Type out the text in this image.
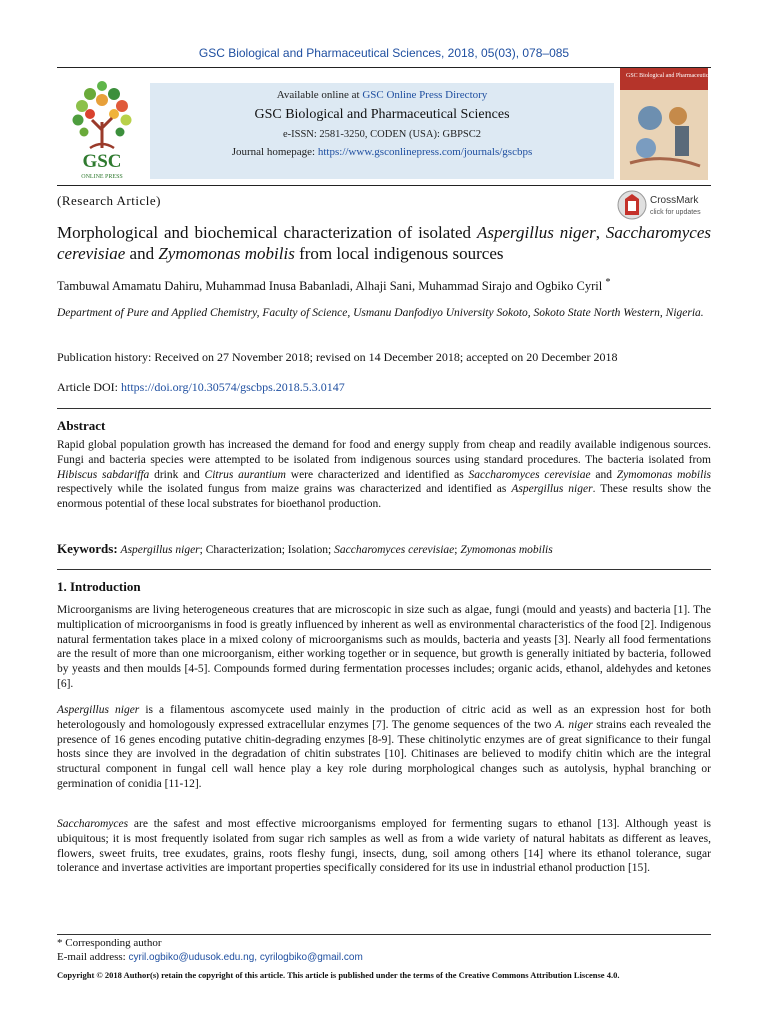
GSC Biological and Pharmaceutical Sciences, 2018, 05(03), 078–085
GSC
ONLINE PRESS
Available online at GSC Online Press Directory
GSC Biological and Pharmaceutical Sciences
e-ISSN: 2581-3250, CODEN (USA): GBPSC2
Journal homepage: https://www.gsconlinepress.com/journals/gscbps
GSC Biological and Pharmaceutical Sciences
(Research Article)	CrossMark
click for updates
Morphological and biochemical characterization of isolated Aspergillus niger, Saccharomyces cerevisiae and Zymomonas mobilis from local indigenous sources
Tambuwal Amamatu Dahiru, Muhammad Inusa Babanladi, Alhaji Sani, Muhammad Sirajo and Ogbiko Cyril *
Department of Pure and Applied Chemistry, Faculty of Science, Usmanu Danfodiyo University Sokoto, Sokoto State North Western, Nigeria.
Publication history: Received on 27 November 2018; revised on 14 December 2018; accepted on 20 December 2018
Article DOI: https://doi.org/10.30574/gscbps.2018.5.3.0147
Abstract
Rapid global population growth has increased the demand for food and energy supply from cheap and readily available indigenous sources. Fungi and bacteria species were attempted to be isolated from indigenous sources using standard procedures. The bacteria isolated from Hibiscus sabdariffa drink and Citrus aurantium were characterized and identified as Saccharomyces cerevisiae and Zymomonas mobilis respectively while the isolated fungus from maize grains was characterized and identified as Aspergillus niger. These results show the enormous potential of these local substrates for bioethanol production.
Keywords: Aspergillus niger; Characterization; Isolation; Saccharomyces cerevisiae; Zymomonas mobilis
1. Introduction
Microorganisms are living heterogeneous creatures that are microscopic in size such as algae, fungi (mould and yeasts) and bacteria [1]. The multiplication of microorganisms in food is greatly influenced by inherent as well as environmental characteristics of the food [2]. Indigenous natural fermentation takes place in a mixed colony of microorganisms such as moulds, bacteria and yeasts [3]. Nearly all food fermentations are the result of more than one microorganism, either working together or in sequence, but growth is generally initiated by bacteria, followed by yeasts and then moulds [4-5]. Compounds formed during fermentation processes includes; organic acids, ethanol, aldehydes and ketones [6].
Aspergillus niger is a filamentous ascomycete used mainly in the production of citric acid as well as an expression host for both heterologously and homologously expressed extracellular enzymes [7]. The genome sequences of the two A. niger strains each revealed the presence of 16 genes encoding putative chitin-degrading enzymes [8-9]. These chitinolytic enzymes are of great significance to their fungal hosts since they are involved in the degradation of chitin substrates [10]. Chitinases are believed to modify chitin which are the integral structural component in fungal cell wall hence play a key role during morphological changes such as autolysis, hyphal branching or germination of conidia [11-12].
Saccharomyces are the safest and most effective microorganisms employed for fermenting sugars to ethanol [13]. Although yeast is ubiquitous; it is most frequently isolated from sugar rich samples as well as from a wide variety of natural habitats as different as leaves, flowers, sweet fruits, tree exudates, grains, roots fleshy fungi, insects, dung, soil among others [14] where its ethanol tolerance, sugar tolerance and invertase activities are important properties specifically considered for its use in industrial ethanol production [15].
* Corresponding author
E-mail address: cyril.ogbiko@udusok.edu.ng, cyrilogbiko@gmail.com
Copyright © 2018 Author(s) retain the copyright of this article. This article is published under the terms of the Creative Commons Attribution Liscense 4.0.
